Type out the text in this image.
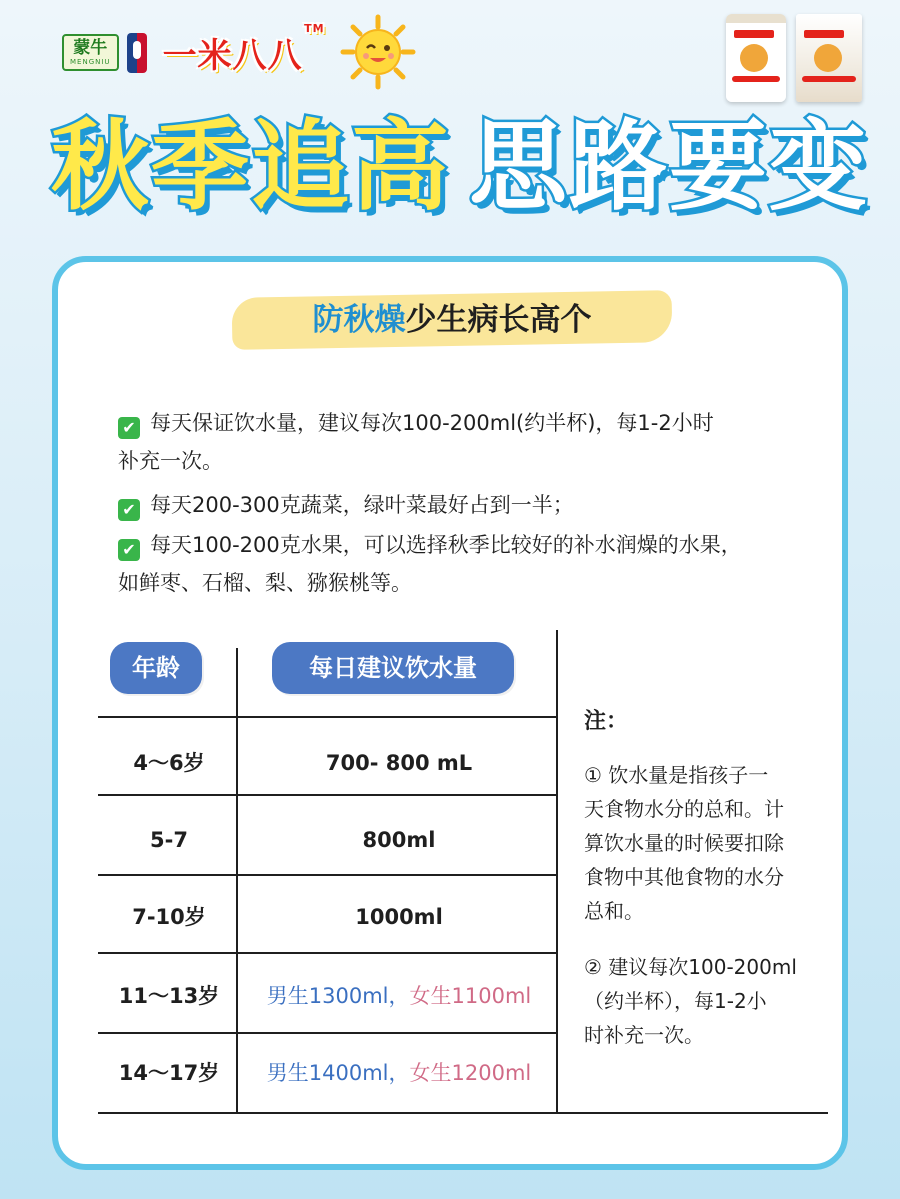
蒙牛
MENGNIU 一米八八
TM
秋季追高 思路要变
防秋燥少生病长高个
✔ 每天保证饮水量，建议每次100-200ml(约半杯)，每1-2小时
补充一次。
✔ 每天200-300克蔬菜，绿叶菜最好占到一半；
✔ 每天100-200克水果，可以选择秋季比较好的补水润燥的水果，
如鲜枣、石榴、梨、猕猴桃等。
年龄	每日建议饮水量
4～6岁	700- 800 mL
5-7	800ml
7-10岁	1000ml
11～13岁	男生1300ml，女生1100ml
14～17岁	男生1400ml，女生1200ml
注：
① 饮水量是指孩子一
天食物水分的总和。计
算饮水量的时候要扣除
食物中其他食物的水分
总和。
② 建议每次100-200ml
（约半杯），每1-2小
时补充一次。
